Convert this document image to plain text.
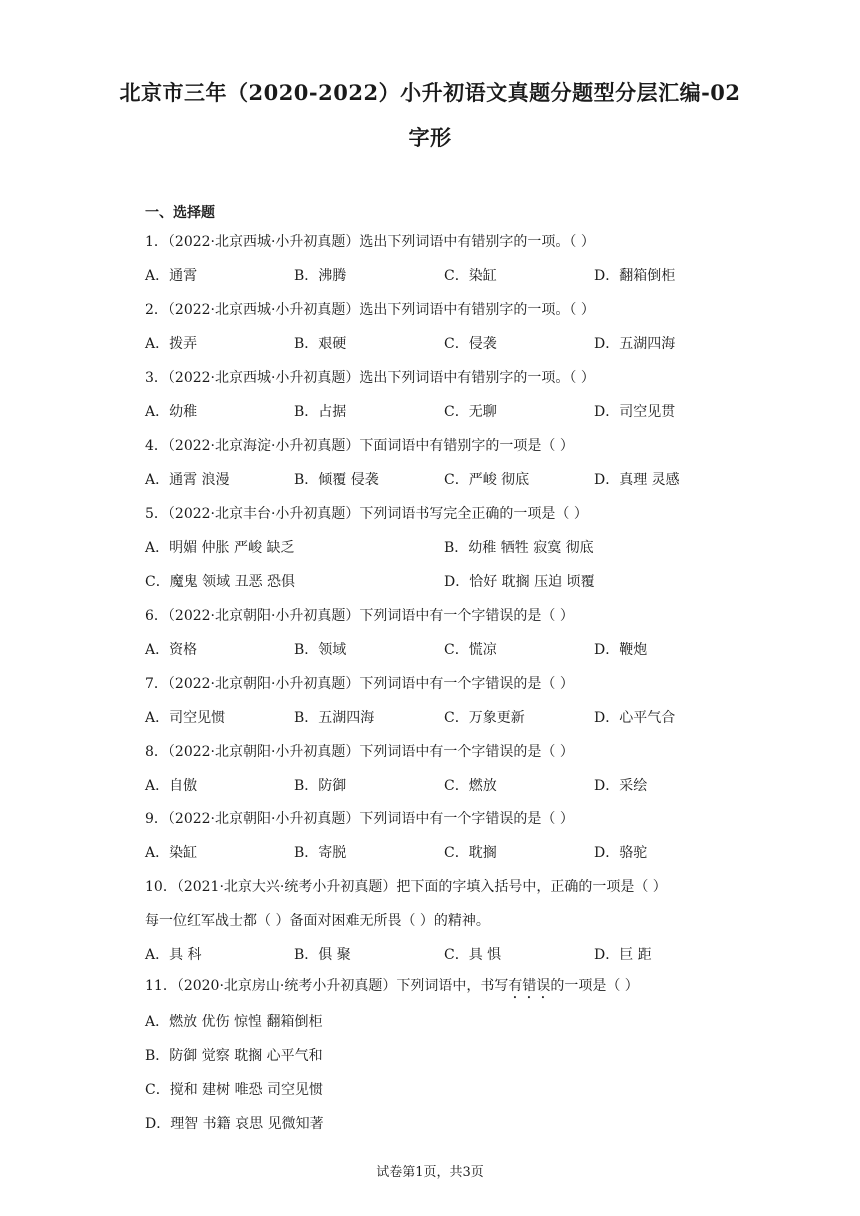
北京市三年（2020-2022）小升初语文真题分题型分层汇编-02
字形
一、选择题
1．（2022·北京西城·小升初真题）选出下列词语中有错别字的一项。（ ）
A．通霄	B．沸腾	C．染缸	D．翻箱倒柜
2．（2022·北京西城·小升初真题）选出下列词语中有错别字的一项。（ ）
A．拨弄	B．艰硬	C．侵袭	D．五湖四海
3．（2022·北京西城·小升初真题）选出下列词语中有错别字的一项。（ ）
A．幼稚	B．占据	C．无聊	D．司空见贯
4．（2022·北京海淀·小升初真题）下面词语中有错别字的一项是（ ）
A．通霄 浪漫	B．倾覆 侵袭	C．严峻 彻底	D．真理 灵感
5．（2022·北京丰台·小升初真题）下列词语书写完全正确的一项是（ ）
A．明媚 仲胀 严峻 缺乏	B．幼稚 牺牲 寂寞 彻底
C．魔鬼 领域 丑恶 恐俱	D．恰好 耽搁 压迫 顷覆
6．（2022·北京朝阳·小升初真题）下列词语中有一个字错误的是（ ）
A．资格	B．领域	C．慌凉	D．鞭炮
7．（2022·北京朝阳·小升初真题）下列词语中有一个字错误的是（ ）
A．司空见惯	B．五湖四海	C．万象更新	D．心平气合
8．（2022·北京朝阳·小升初真题）下列词语中有一个字错误的是（ ）
A．自傲	B．防御	C．燃放	D．采绘
9．（2022·北京朝阳·小升初真题）下列词语中有一个字错误的是（ ）
A．染缸	B．寄脱	C．耽搁	D．骆驼
10．（2021·北京大兴·统考小升初真题）把下面的字填入括号中，正确的一项是（ ）
每一位红军战士都（ ）备面对困难无所畏（ ）的精神。
A．具 科	B．俱 聚	C．具 惧	D．巨 距
11．（2020·北京房山·统考小升初真题）下列词语中，书写有错误的一项是（ ）
A．燃放 优伤 惊惶 翻箱倒柜
B．防御 觉察 耽搁 心平气和
C．搅和 建树 唯恐 司空见惯
D．理智 书籍 哀思 见微知著
试卷第1页，共3页
